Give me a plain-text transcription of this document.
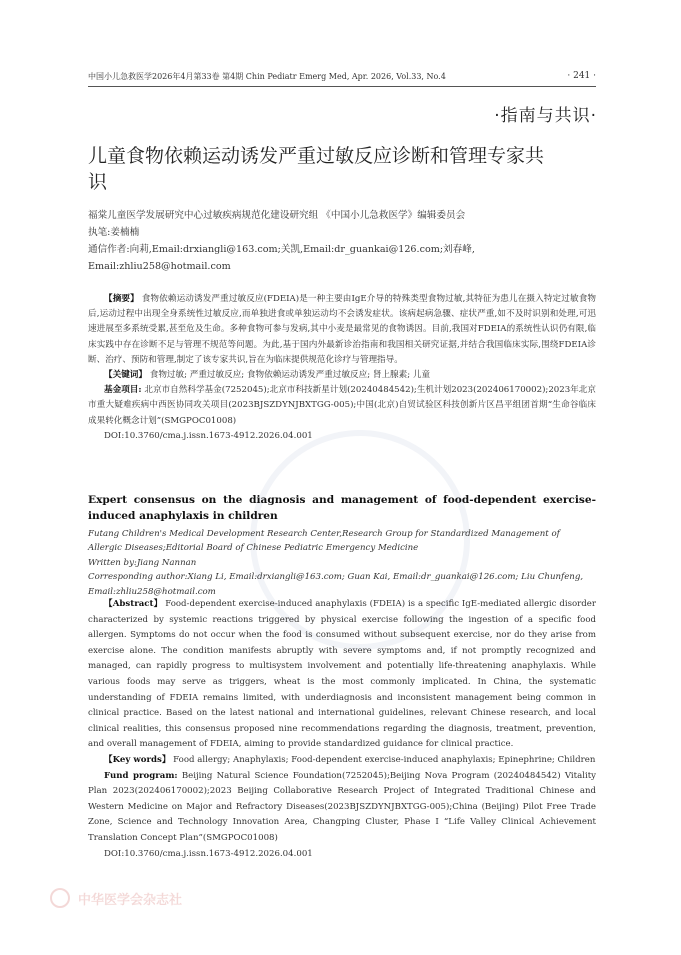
中国小儿急救医学2026年4月第33卷 第4期 Chin Pediatr Emerg Med, Apr. 2026, Vol.33, No.4	· 241 ·
·指南与共识·
儿童食物依赖运动诱发严重过敏反应诊断和管理专家共识
福棠儿童医学发展研究中心过敏疾病规范化建设研究组 《中国小儿急救医学》编辑委员会
执笔:姜楠楠
通信作者:向莉,Email:drxiangli@163.com;关凯,Email:dr_guankai@126.com;刘春峰,
Email:zhliu258@hotmail.com

【摘要】 食物依赖运动诱发严重过敏反应(FDEIA)是一种主要由IgE介导的特殊类型食物过敏,其特征为患儿在摄入特定过敏食物后,运动过程中出现全身系统性过敏反应,而单独进食或单独运动均不会诱发症状。该病起病急骤、症状严重,如不及时识别和处理,可迅速进展至多系统受累,甚至危及生命。多种食物可参与发病,其中小麦是最常见的食物诱因。目前,我国对FDEIA的系统性认识仍有限,临床实践中存在诊断不足与管理不规范等问题。为此,基于国内外最新诊治指南和我国相关研究证据,并结合我国临床实际,围绕FDEIA诊断、治疗、预防和管理,制定了该专家共识,旨在为临床提供规范化诊疗与管理指导。

【关键词】 食物过敏; 严重过敏反应; 食物依赖运动诱发严重过敏反应; 肾上腺素; 儿童

基金项目: 北京市自然科学基金(7252045);北京市科技新星计划(20240484542);生机计划2023(202406170002);2023年北京市重大疑难疾病中西医协同攻关项目(2023BJSZDYNJBXTGG-005);中国(北京)自贸试验区科技创新片区昌平组团首期“生命谷临床成果转化概念计划”(SMGPOC01008)

DOI:10.3760/cma.j.issn.1673-4912.2026.04.001

Expert consensus on the diagnosis and management of food-dependent exercise-induced anaphylaxis in children
Futang Children's Medical Development Research Center,Research Group for Standardized Management of Allergic Diseases;Editorial Board of Chinese Pediatric Emergency Medicine
Written by:Jiang Nannan
Corresponding author:Xiang Li, Email:drxiangli@163.com; Guan Kai, Email:dr_guankai@126.com; Liu Chunfeng, Email:zhliu258@hotmail.com

【Abstract】 Food-dependent exercise-induced anaphylaxis (FDEIA) is a specific IgE-mediated allergic disorder characterized by systemic reactions triggered by physical exercise following the ingestion of a specific food allergen. Symptoms do not occur when the food is consumed without subsequent exercise, nor do they arise from exercise alone. The condition manifests abruptly with severe symptoms and, if not promptly recognized and managed, can rapidly progress to multisystem involvement and potentially life-threatening anaphylaxis. While various foods may serve as triggers, wheat is the most commonly implicated. In China, the systematic understanding of FDEIA remains limited, with underdiagnosis and inconsistent management being common in clinical practice. Based on the latest national and international guidelines, relevant Chinese research, and local clinical realities, this consensus proposed nine recommendations regarding the diagnosis, treatment, prevention, and overall management of FDEIA, aiming to provide standardized guidance for clinical practice.

【Key words】 Food allergy; Anaphylaxis; Food-dependent exercise-induced anaphylaxis; Epinephrine; Children

Fund program: Beijing Natural Science Foundation(7252045);Beijing Nova Program (20240484542) Vitality Plan 2023(202406170002);2023 Beijing Collaborative Research Project of Integrated Traditional Chinese and Western Medicine on Major and Refractory Diseases(2023BJSZDYNJBXTGG-005);China (Beijing) Pilot Free Trade Zone, Science and Technology Innovation Area, Changping Cluster, Phase I “Life Valley Clinical Achievement Translation Concept Plan”(SMGPOC01008)

DOI:10.3760/cma.j.issn.1673-4912.2026.04.001

中华医学会杂志社
